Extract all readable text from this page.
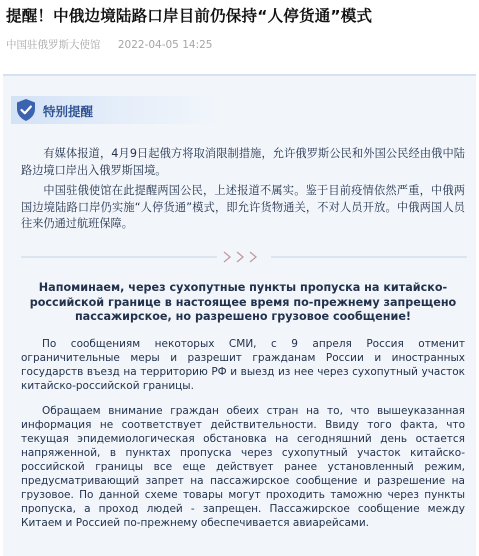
提醒！中俄边境陆路口岸目前仍保持“人停货通”模式
中国驻俄罗斯大使馆 2022-04-05 14:25
特别提醒

有媒体报道，4月9日起俄方将取消限制措施，允许俄罗斯公民和外国公民经由俄中陆路边境口岸出入俄罗斯国境。

中国驻俄使馆在此提醒两国公民，上述报道不属实。鉴于目前疫情依然严重，中俄两国边境陆路口岸仍实施“人停货通”模式，即允许货物通关，不对人员开放。中俄两国人员往来仍通过航班保障。

Напоминаем, через сухопутные пункты пропуска на китайско-российской границе в настоящее время по-прежнему запрещено пассажирское, но разрешено грузовое сообщение!

По сообщениям некоторых СМИ, с 9 апреля Россия отменит ограничительные меры и разрешит гражданам России и иностранных государств въезд на территорию РФ и выезд из нее через сухопутный участок китайско-российской границы.

Обращаем внимание граждан обеих стран на то, что вышеуказанная информация не соответствует действительности. Ввиду того факта, что текущая эпидемиологическая обстановка на сегодняшний день остается напряженной, в пунктах пропуска через сухопутный участок китайско-российской границы все еще действует ранее установленный режим, предусматривающий запрет на пассажирское сообщение и разрешение на грузовое. По данной схеме товары могут проходить таможню через пункты пропуска, а проход людей - запрещен. Пассажирское сообщение между Китаем и Россией по-прежнему обеспечивается авиарейсами.
